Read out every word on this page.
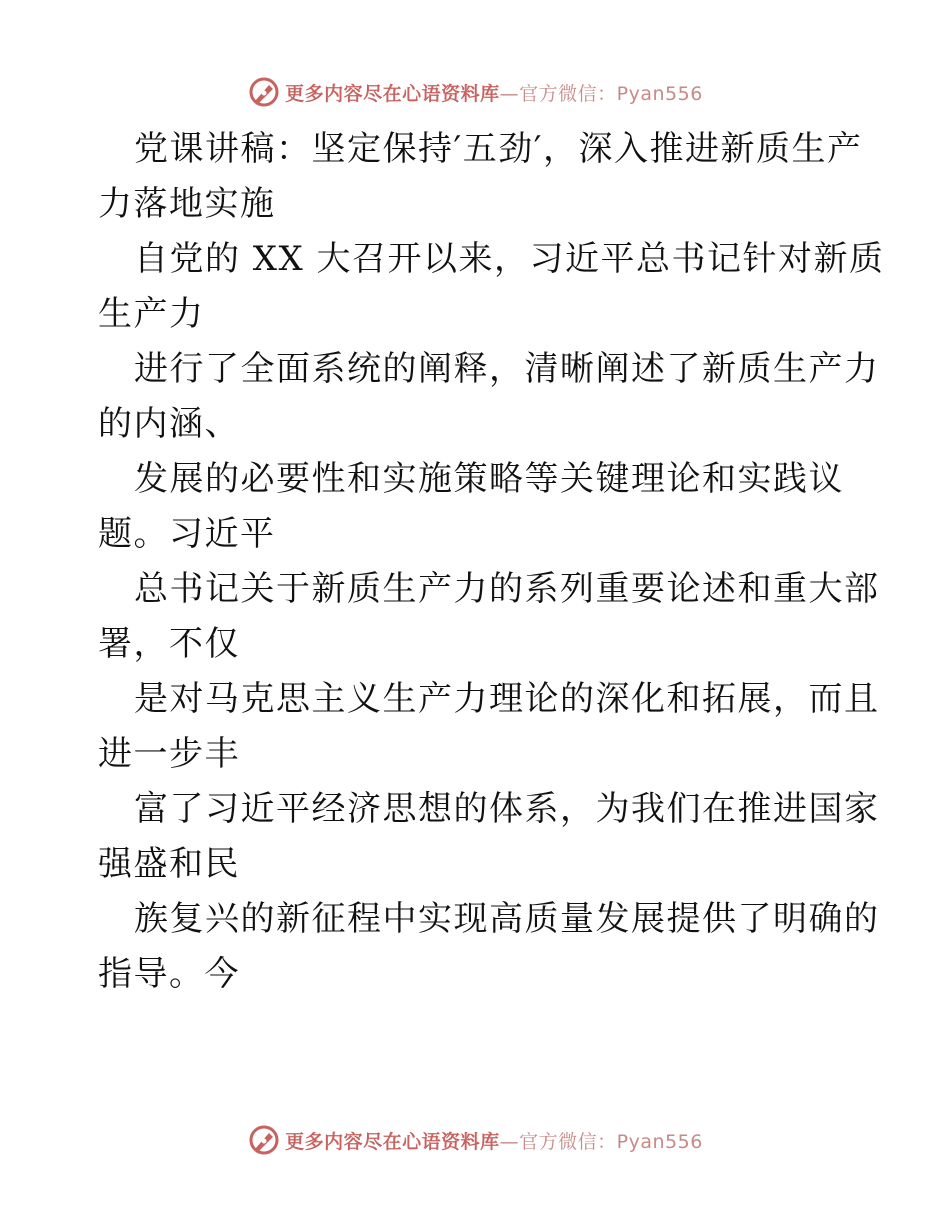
更多内容尽在心语资料库—官方微信：Pyan556
党课讲稿：坚定保持′五劲′，深入推进新质生产
力落地实施
自党的 XX 大召开以来，习近平总书记针对新质
生产力
进行了全面系统的阐释，清晰阐述了新质生产力
的内涵、
发展的必要性和实施策略等关键理论和实践议
题。习近平
总书记关于新质生产力的系列重要论述和重大部
署，不仅
是对马克思主义生产力理论的深化和拓展，而且
进一步丰
富了习近平经济思想的体系，为我们在推进国家
强盛和民
族复兴的新征程中实现高质量发展提供了明确的
指导。今
更多内容尽在心语资料库—官方微信：Pyan556
